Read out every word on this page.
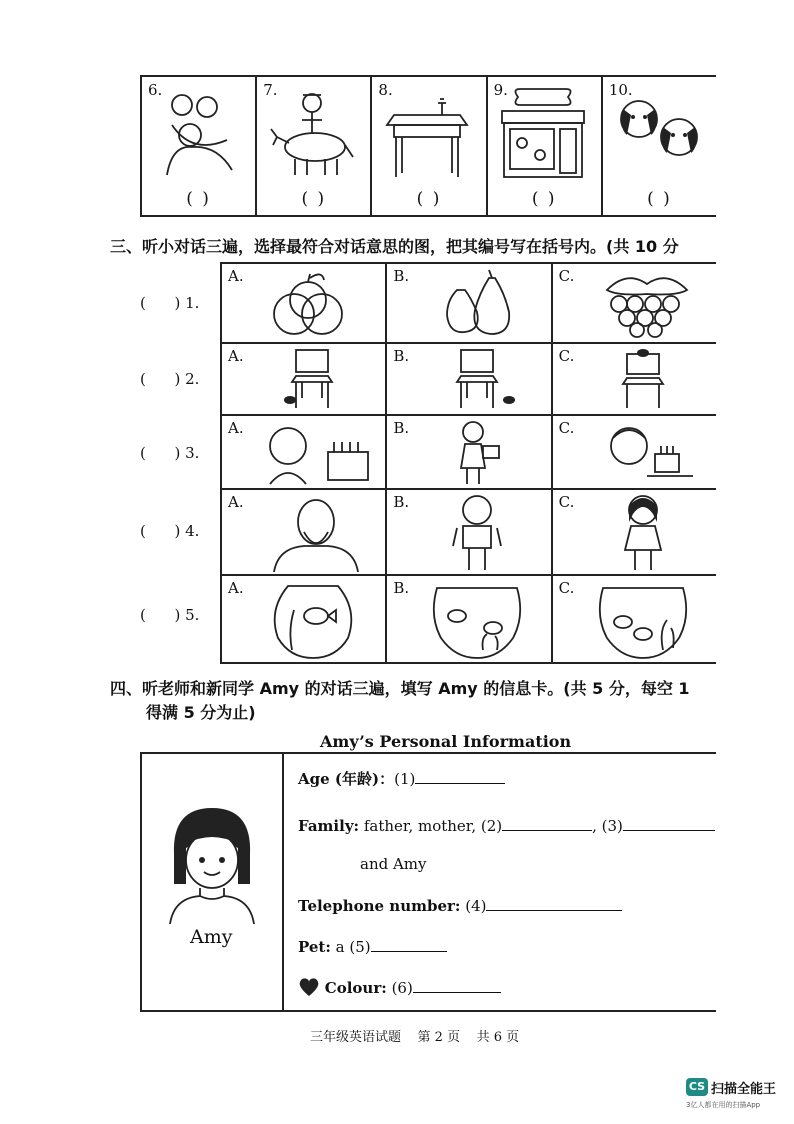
6.
( )
7.
( )
8.
( )
9.
( )
10.
( )
三、听小对话三遍，选择最符合对话意思的图，把其编号写在括号内。(共 10 分
(      ) 1.
A.	B.	C.
(      ) 2.
A.	B.	C.
(      ) 3.
A.	B.	C.
(      ) 4.
A.	B.	C.
(      ) 5.
A.	B.	C.
四、听老师和新同学 Amy 的对话三遍，填写 Amy 的信息卡。(共 5 分，每空 1
得满 5 分为止)
Amy’s Personal Information
Amy
Age (年龄)：(1)
Family: father, mother, (2)	, (3)
and Amy
Telephone number: (4)
Pet: a (5)
Colour: (6)
三年级英语试题    第 2 页    共 6 页
CS 扫描全能王
3亿人都在用的扫描App
